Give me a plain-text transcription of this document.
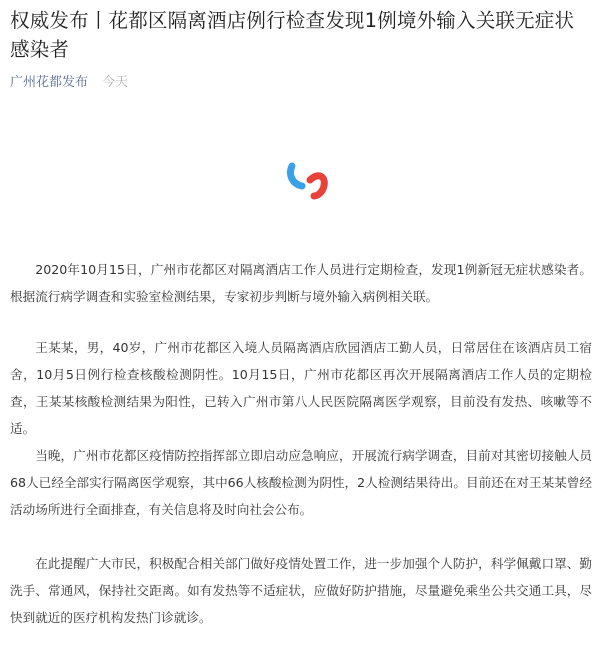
权威发布丨花都区隔离酒店例行检查发现1例境外输入关联无症状感染者
广州花都发布 今天

2020年10月15日，广州市花都区对隔离酒店工作人员进行定期检查，发现1例新冠无症状感染者。根据流行病学调查和实验室检测结果，专家初步判断与境外输入病例相关联。

王某某，男，40岁，广州市花都区入境人员隔离酒店欣园酒店工勤人员，日常居住在该酒店员工宿舍，10月5日例行检查核酸检测阴性。10月15日，广州市花都区再次开展隔离酒店工作人员的定期检查，王某某核酸检测结果为阳性，已转入广州市第八人民医院隔离医学观察，目前没有发热、咳嗽等不适。

当晚，广州市花都区疫情防控指挥部立即启动应急响应，开展流行病学调查，目前对其密切接触人员68人已经全部实行隔离医学观察，其中66人核酸检测为阴性，2人检测结果待出。目前还在对王某某曾经活动场所进行全面排查，有关信息将及时向社会公布。

在此提醒广大市民，积极配合相关部门做好疫情处置工作，进一步加强个人防护，科学佩戴口罩、勤洗手、常通风，保持社交距离。如有发热等不适症状，应做好防护措施，尽量避免乘坐公共交通工具，尽快到就近的医疗机构发热门诊就诊。
